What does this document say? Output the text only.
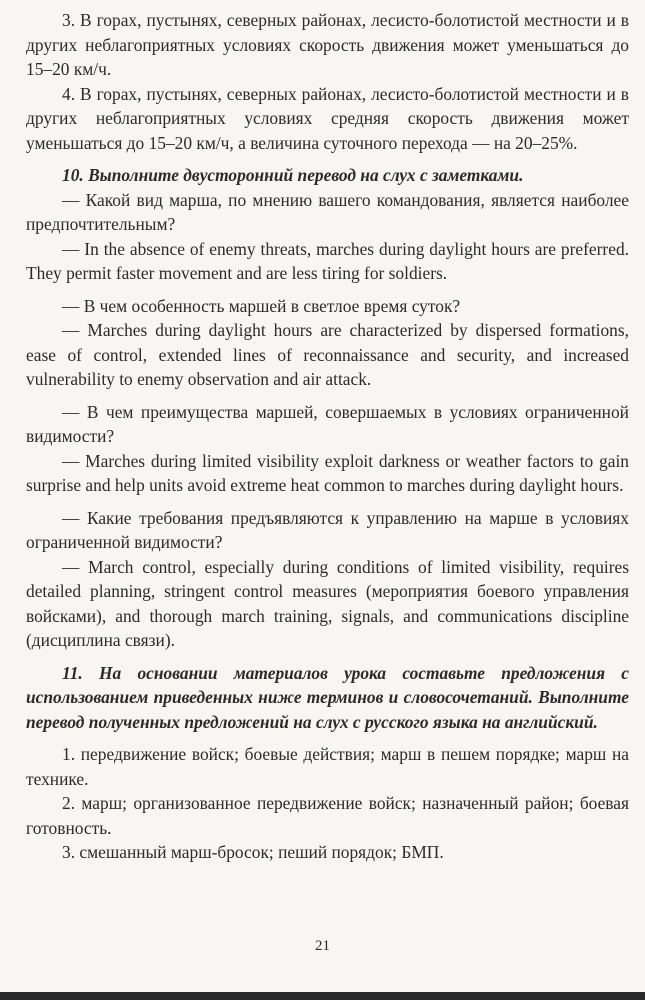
3. В горах, пустынях, северных районах, лесисто-болотистой местности и в других неблагоприятных условиях скорость движения может уменьшаться до 15–20 км/ч.

4. В горах, пустынях, северных районах, лесисто-болотистой местности и в других неблагоприятных условиях средняя скорость движения может уменьшаться до 15–20 км/ч, а величина суточного перехода — на 20–25%.

10. Выполните двусторонний перевод на слух с заметками.

— Какой вид марша, по мнению вашего командования, является наиболее предпочтительным?

— In the absence of enemy threats, marches during daylight hours are preferred. They permit faster movement and are less tiring for soldiers.

— В чем особенность маршей в светлое время суток?

— Marches during daylight hours are characterized by dispersed formations, ease of control, extended lines of reconnaissance and security, and increased vulnerability to enemy observation and air attack.

— В чем преимущества маршей, совершаемых в условиях ограниченной видимости?

— Marches during limited visibility exploit darkness or weather factors to gain surprise and help units avoid extreme heat common to marches during daylight hours.

— Какие требования предъявляются к управлению на марше в условиях ограниченной видимости?

— March control, especially during conditions of limited visibility, requires detailed planning, stringent control measures (мероприятия боевого управления войсками), and thorough march training, signals, and communications discipline (дисциплина связи).

11. На основании материалов урока составьте предложения с использованием приведенных ниже терминов и словосочетаний. Выполните перевод полученных предложений на слух с русского языка на английский.

1. передвижение войск; боевые действия; марш в пешем порядке; марш на технике.

2. марш; организованное передвижение войск; назначенный район; боевая готовность.

3. смешанный марш-бросок; пеший порядок; БМП.

21
